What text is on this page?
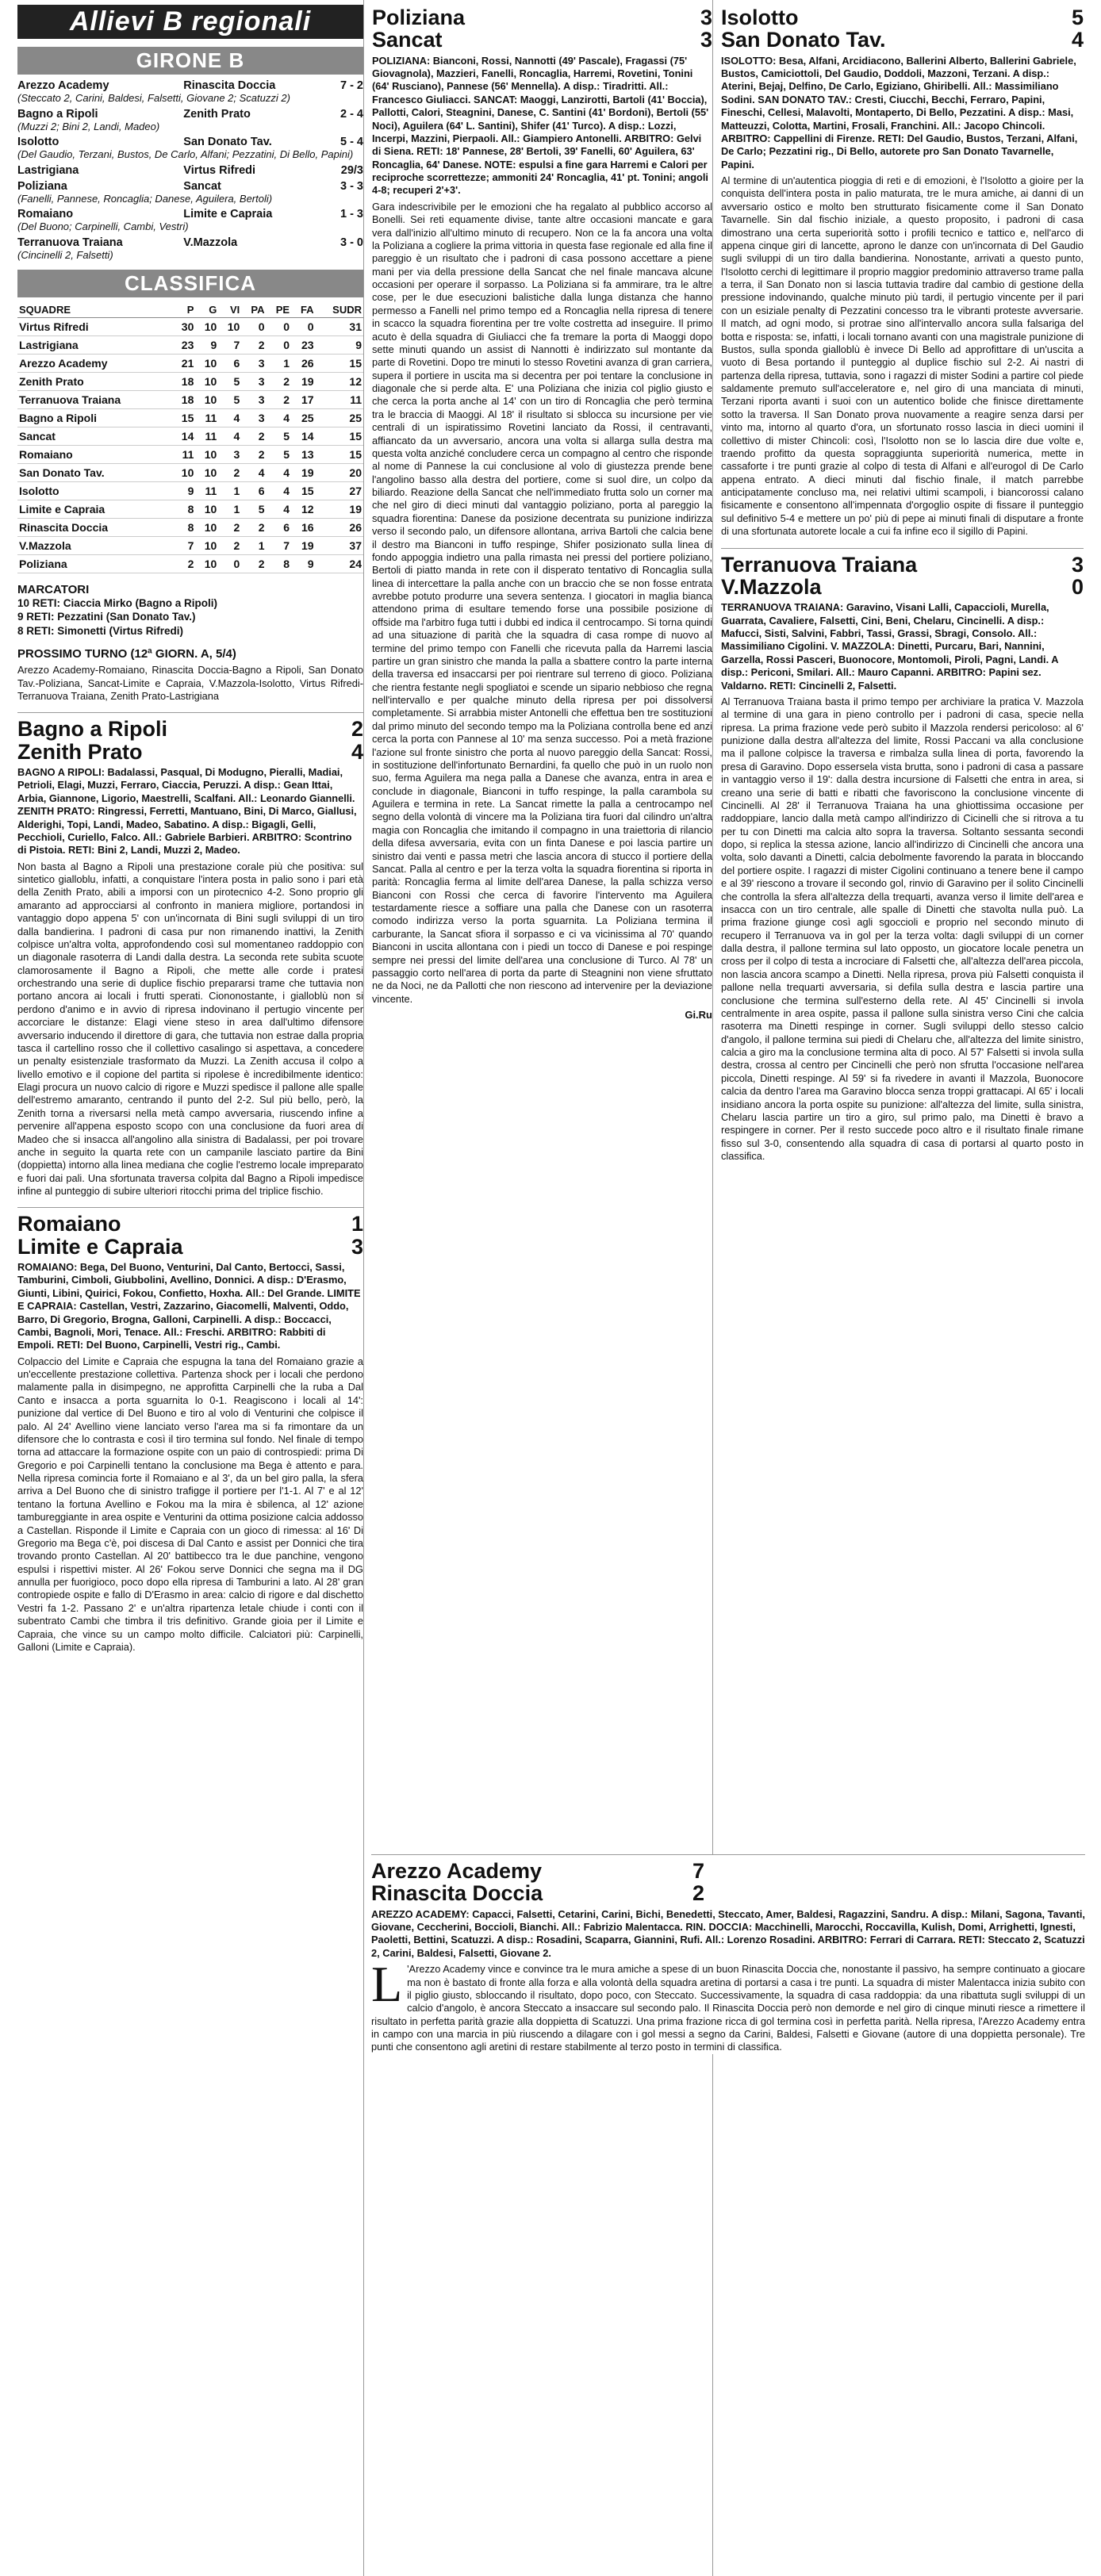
Allievi B regionali
GIRONE B
Arezzo Academy	Rinascita Doccia	7 - 2
(Steccato 2, Carini, Baldesi, Falsetti, Giovane 2; Scatuzzi 2)
Bagno a Ripoli	Zenith Prato	2 - 4
(Muzzi 2; Bini 2, Landi, Madeo)
Isolotto	San Donato Tav.	5 - 4
(Del Gaudio, Terzani, Bustos, De Carlo, Alfani; Pezzatini, Di Bello, Papini)
Lastrigiana	Virtus Rifredi	29/3
Poliziana	Sancat	3 - 3
(Fanelli, Pannese, Roncaglia; Danese, Aguilera, Bertoli)
Romaiano	Limite e Capraia	1 - 3
(Del Buono; Carpinelli, Cambi, Vestri)
Terranuova Traiana	V.Mazzola	3 - 0
(Cincinelli 2, Falsetti)
CLASSIFICA
SQUADRE	P	G	VI	PA	PE	FA	SUDR
Virtus Rifredi	30	10	10	0	0	0	31
Lastrigiana	23	9	7	2	0	23	9
Arezzo Academy	21	10	6	3	1	26	15
Zenith Prato	18	10	5	3	2	19	12
Terranuova Traiana	18	10	5	3	2	17	11
Bagno a Ripoli	15	11	4	3	4	25	25
Sancat	14	11	4	2	5	14	15
Romaiano	11	10	3	2	5	13	15
San Donato Tav.	10	10	2	4	4	19	20
Isolotto	9	11	1	6	4	15	27
Limite e Capraia	8	10	1	5	4	12	19
Rinascita Doccia	8	10	2	2	6	16	26
V.Mazzola	7	10	2	1	7	19	37
Poliziana	2	10	0	2	8	9	24
MARCATORI
10 RETI: Ciaccia Mirko (Bagno a Ripoli)
9 RETI: Pezzatini (San Donato Tav.)
8 RETI: Simonetti (Virtus Rifredi)
PROSSIMO TURNO (12ª GIORN. A, 5/4)
Arezzo Academy-Romaiano, Rinascita Doccia-Bagno a Ripoli, San Donato Tav.-Poliziana, Sancat-Limite e Capraia, V.Mazzola-Isolotto, Virtus Rifredi-Terranuova Traiana, Zenith Prato-Lastrigiana
Bagno a Ripoli	2
Zenith Prato	4
BAGNO A RIPOLI: Badalassi, Pasqual, Di Modugno, Pieralli, Madiai, Petrioli, Elagi, Muzzi, Ferraro, Ciaccia, Peruzzi. A disp.: Gean Ittai, Arbia, Giannone, Ligorio, Maestrelli, Scalfani. All.: Leonardo Giannelli. ZENITH PRATO: Ringressi, Ferretti, Mantuano, Bini, Di Marco, Giallusi, Alderighi, Topi, Landi, Madeo, Sabatino. A disp.: Bigagli, Gelli, Pecchioli, Curiello, Falco. All.: Gabriele Barbieri. ARBITRO: Scontrino di Pistoia. RETI: Bini 2, Landi, Muzzi 2, Madeo.
Non basta al Bagno a Ripoli una prestazione corale più che positiva: sul sintetico gialloblu, infatti, a conquistare l'intera posta in palio sono i pari età della Zenith Prato, abili a imporsi con un pirotecnico 4-2. Sono proprio gli amaranto ad approcciarsi al confronto in maniera migliore, portandosi in vantaggio dopo appena 5' con un'incornata di Bini sugli sviluppi di un tiro dalla bandierina. I padroni di casa pur non rimanendo inattivi, la Zenith colpisce un'altra volta, approfondendo così sul momentaneo raddoppio con un diagonale rasoterra di Landi dalla destra. La seconda rete subìta scuote clamorosamente il Bagno a Ripoli, che mette alle corde i pratesi orchestrando una serie di duplice fischio prepararsi trame che tuttavia non portano ancora ai locali i frutti sperati. Ciononostante, i gialloblù non si perdono d'animo e in avvio di ripresa indovinano il pertugio vincente per accorciare le distanze: Elagi viene steso in area dall'ultimo difensore avversario inducendo il direttore di gara, che tuttavia non estrae dalla propria tasca il cartellino rosso che il collettivo casalingo si aspettava, a concedere un penalty esistenziale trasformato da Muzzi. La Zenith accusa il colpo a livello emotivo e il copione del partita si ripolese è incredibilmente identico: Elagi procura un nuovo calcio di rigore e Muzzi spedisce il pallone alle spalle dell'estremo amaranto, centrando il punto del 2-2. Sul più bello, però, la Zenith torna a riversarsi nella metà campo avversaria, riuscendo infine a pervenire all'appena esposto scopo con una conclusione da fuori area di Madeo che si insacca all'angolino alla sinistra di Badalassi, per poi trovare anche in seguito la quarta rete con un campanile lasciato partire da Bini (doppietta) intorno alla linea mediana che coglie l'estremo locale impreparato e fuori dai pali. Una sfortunata traversa colpita dal Bagno a Ripoli impedisce infine al punteggio di subire ulteriori ritocchi prima del triplice fischio.
Romaiano	1
Limite e Capraia	3
ROMAIANO: Bega, Del Buono, Venturini, Dal Canto, Bertocci, Sassi, Tamburini, Cimboli, Giubbolini, Avellino, Donnici. A disp.: D'Erasmo, Giunti, Libini, Quirici, Fokou, Confietto, Hoxha. All.: Del Grande. LIMITE E CAPRAIA: Castellan, Vestri, Zazzarino, Giacomelli, Malventi, Oddo, Barro, Di Gregorio, Brogna, Galloni, Carpinelli. A disp.: Boccacci, Cambi, Bagnoli, Mori, Tenace. All.: Freschi. ARBITRO: Rabbiti di Empoli. RETI: Del Buono, Carpinelli, Vestri rig., Cambi.
Colpaccio del Limite e Capraia che espugna la tana del Romaiano grazie a un'eccellente prestazione collettiva. Partenza shock per i locali che perdono malamente palla in disimpegno, ne approfitta Carpinelli che la ruba a Dal Canto e insacca a porta sguarnita lo 0-1. Reagiscono i locali al 14': punizione dal vertice di Del Buono e tiro al volo di Venturini che colpisce il palo. Al 24' Avellino viene lanciato verso l'area ma si fa rimontare da un difensore che lo contrasta e così il tiro termina sul fondo. Nel finale di tempo torna ad attaccare la formazione ospite con un paio di controspiedi: prima Di Gregorio e poi Carpinelli tentano la conclusione ma Bega è attento e para. Nella ripresa comincia forte il Romaiano e al 3', da un bel giro palla, la sfera arriva a Del Buono che di sinistro trafigge il portiere per l'1-1. Al 7' e al 12' tentano la fortuna Avellino e Fokou ma la mira è sbilenca, al 12' azione tambureggiante in area ospite e Venturini da ottima posizione calcia addosso a Castellan. Risponde il Limite e Capraia con un gioco di rimessa: al 16' Di Gregorio ma Bega c'è, poi discesa di Dal Canto e assist per Donnici che tira trovando pronto Castellan. Al 20' battibecco tra le due panchine, vengono espulsi i rispettivi mister. Al 26' Fokou serve Donnici che segna ma il DG annulla per fuorigioco, poco dopo ella ripresa di Tamburini a lato. Al 28' gran contropiede ospite e fallo di D'Erasmo in area: calcio di rigore e dal dischetto Vestri fa 1-2. Passano 2' e un'altra ripartenza letale chiude i conti con il subentrato Cambi che timbra il tris definitivo. Grande gioia per il Limite e Capraia, che vince su un campo molto difficile. Calciatori più: Carpinelli, Galloni (Limite e Capraia).
Poliziana	3
Sancat	3
POLIZIANA: Bianconi, Rossi, Nannotti (49' Pascale), Fragassi (75' Giovagnola), Mazzieri, Fanelli, Roncaglia, Harremi, Rovetini, Tonini (64' Rusciano), Pannese (56' Mennella). A disp.: Tiradritti. All.: Francesco Giuliacci. SANCAT: Maoggi, Lanzirotti, Bartoli (41' Boccia), Pallotti, Calori, Steagnini, Danese, C. Santini (41' Bordoni), Bertoli (55' Noci), Aguilera (64' L. Santini), Shifer (41' Turco). A disp.: Lozzi, Incerpi, Mazzini, Pierpaoli. All.: Giampiero Antonelli. ARBITRO: Gelvi di Siena. RETI: 18' Pannese, 28' Bertoli, 39' Fanelli, 60' Aguilera, 63' Roncaglia, 64' Danese. NOTE: espulsi a fine gara Harremi e Calori per reciproche scorrettezze; ammoniti 24' Roncaglia, 41' pt. Tonini; angoli 4-8; recuperi 2'+3'.
Gara indescrivibile per le emozioni che ha regalato al pubblico accorso al Bonelli. Sei reti equamente divise, tante altre occasioni mancate e gara vera dall'inizio all'ultimo minuto di recupero. Non ce la fa ancora una volta la Poliziana a cogliere la prima vittoria in questa fase regionale ed alla fine il pareggio è un risultato che i padroni di casa possono accettare a piene mani per via della pressione della Sancat che nel finale mancava alcune occasioni per operare il sorpasso. La Poliziana si fa ammirare, tra le altre cose, per le due esecuzioni balistiche dalla lunga distanza che hanno permesso a Fanelli nel primo tempo ed a Roncaglia nella ripresa di tenere in scacco la squadra fiorentina per tre volte costretta ad inseguire. Il primo acuto è della squadra di Giuliacci che fa tremare la porta di Maoggi dopo sette minuti quando un assist di Nannotti è indirizzato sul montante da parte di Rovetini. Dopo tre minuti lo stesso Rovetini avanza di gran carriera, supera il portiere in uscita ma si decentra per poi tentare la conclusione in diagonale che si perde alta. E' una Poliziana che inizia col piglio giusto e che cerca la porta anche al 14' con un tiro di Roncaglia che però termina tra le braccia di Maoggi. Al 18' il risultato si sblocca su incursione per vie centrali di un ispiratissimo Rovetini lanciato da Rossi, il centravanti, affiancato da un avversario, ancora una volta si allarga sulla destra ma questa volta anziché concludere cerca un compagno al centro che risponde al nome di Pannese la cui conclusione al volo di giustezza prende bene l'angolino basso alla destra del portiere, come si suol dire, un colpo da biliardo. Reazione della Sancat che nell'immediato frutta solo un corner ma che nel giro di dieci minuti dal vantaggio poliziano, porta al pareggio la squadra fiorentina: Danese da posizione decentrata su punizione indirizza verso il secondo palo, un difensore allontana, arriva Bartoli che calcia bene il destro ma Bianconi in tuffo respinge, Shifer posizionato sulla linea di fondo appoggia indietro una palla rimasta nei pressi del portiere poliziano, Bertoli di piatto manda in rete con il disperato tentativo di Roncaglia sulla linea di intercettare la palla anche con un braccio che se non fosse entrata avrebbe potuto produrre una severa sentenza. I giocatori in maglia bianca attendono prima di esultare temendo forse una possibile posizione di offside ma l'arbitro fuga tutti i dubbi ed indica il centrocampo. Si torna quindi ad una situazione di parità che la squadra di casa rompe di nuovo al termine del primo tempo con Fanelli che ricevuta palla da Harremi lascia partire un gran sinistro che manda la palla a sbattere contro la parte interna della traversa ed insaccarsi per poi rientrare sul terreno di gioco. Poliziana che rientra festante negli spogliatoi e scende un sipario nebbioso che regna nell'intervallo e per qualche minuto della ripresa per poi dissolversi completamente. Si arrabbia mister Antonelli che effettua ben tre sostituzioni dal primo minuto del secondo tempo ma la Poliziana controlla bene ed anzi cerca la porta con Pannese al 10' ma senza successo. Poi a metà frazione l'azione sul fronte sinistro che porta al nuovo pareggio della Sancat: Rossi, in sostituzione dell'infortunato Bernardini, fa quello che può in un ruolo non suo, ferma Aguilera ma nega palla a Danese che avanza, entra in area e conclude in diagonale, Bianconi in tuffo respinge, la palla carambola su Aguilera e termina in rete. La Sancat rimette la palla a centrocampo nel segno della volontà di vincere ma la Poliziana tira fuori dal cilindro un'altra magia con Roncaglia che imitando il compagno in una traiettoria di rilancio della difesa avversaria, evita con un finta Danese e poi lascia partire un sinistro dai venti e passa metri che lascia ancora di stucco il portiere della Sancat. Palla al centro e per la terza volta la squadra fiorentina si riporta in parità: Roncaglia ferma al limite dell'area Danese, la palla schizza verso Bianconi con Rossi che cerca di favorire l'intervento ma Aguilera testardamente riesce a soffiare una palla che Danese con un rasoterra comodo indirizza verso la porta sguarnita. La Poliziana termina il carburante, la Sancat sfiora il sorpasso e ci va vicinissima al 70' quando Bianconi in uscita allontana con i piedi un tocco di Danese e poi respinge sempre nei pressi del limite dell'area una conclusione di Turco. Al 78' un passaggio corto nell'area di porta da parte di Steagnini non viene sfruttato ne da Noci, ne da Pallotti che non riescono ad intervenire per la deviazione vincente.
Gi.Ru
Isolotto	5
San Donato Tav.	4
ISOLOTTO: Besa, Alfani, Arcidiacono, Ballerini Alberto, Ballerini Gabriele, Bustos, Camiciottoli, Del Gaudio, Doddoli, Mazzoni, Terzani. A disp.: Aterini, Bejaj, Delfino, De Carlo, Egiziano, Ghiribelli. All.: Massimiliano Sodini. SAN DONATO TAV.: Cresti, Ciucchi, Becchi, Ferraro, Papini, Fineschi, Cellesi, Malavolti, Montaperto, Di Bello, Pezzatini. A disp.: Masi, Matteuzzi, Colotta, Martini, Frosali, Franchini. All.: Jacopo Chincoli. ARBITRO: Cappellini di Firenze. RETI: Del Gaudio, Bustos, Terzani, Alfani, De Carlo; Pezzatini rig., Di Bello, autorete pro San Donato Tavarnelle, Papini.
Al termine di un'autentica pioggia di reti e di emozioni, è l'Isolotto a gioire per la conquista dell'intera posta in palio maturata, tre le mura amiche, ai danni di un avversario ostico e molto ben strutturato fisicamente come il San Donato Tavarnelle. Sin dal fischio iniziale, a questo proposito, i padroni di casa dimostrano una certa superiorità sotto i profili tecnico e tattico e, nell'arco di appena cinque giri di lancette, aprono le danze con un'incornata di Del Gaudio sugli sviluppi di un tiro dalla bandierina. Nonostante, arrivati a questo punto, l'Isolotto cerchi di legittimare il proprio maggior predominio attraverso trame palla a terra, il San Donato non si lascia tuttavia tradire dal cambio di gestione della pressione indovinando, qualche minuto più tardi, il pertugio vincente per il pari con un esiziale penalty di Pezzatini concesso tra le vibranti proteste avversarie. Il match, ad ogni modo, si protrae sino all'intervallo ancora sulla falsariga del botta e risposta: se, infatti, i locali tornano avanti con una magistrale punizione di Bustos, sulla sponda gialloblù è invece Di Bello ad approfittare di un'uscita a vuoto di Besa portando il punteggio al duplice fischio sul 2-2. Ai nastri di partenza della ripresa, tuttavia, sono i ragazzi di mister Sodini a partire col piede saldamente premuto sull'acceleratore e, nel giro di una manciata di minuti, Terzani riporta avanti i suoi con un autentico bolide che finisce direttamente sotto la traversa. Il San Donato prova nuovamente a reagire senza darsi per vinto ma, intorno al quarto d'ora, un sfortunato rosso lascia in dieci uomini il collettivo di mister Chincoli: così, l'Isolotto non se lo lascia dire due volte e, traendo profitto da questa sopraggiunta superiorità numerica, mette in cassaforte i tre punti grazie al colpo di testa di Alfani e all'eurogol di De Carlo appena entrato. A dieci minuti dal fischio finale, il match parrebbe anticipatamente concluso ma, nei relativi ultimi scampoli, i biancorossi calano fisicamente e consentono all'impennata d'orgoglio ospite di fissare il punteggio sul definitivo 5-4 e mettere un po' più di pepe ai minuti finali di disputare a fronte di una sfortunata autorete locale a cui fa infine eco il sigillo di Papini.
Terranuova Traiana	3
V.Mazzola	0
TERRANUOVA TRAIANA: Garavino, Visani Lalli, Capaccioli, Murella, Guarrata, Cavaliere, Falsetti, Cini, Beni, Chelaru, Cincinelli. A disp.: Mafucci, Sisti, Salvini, Fabbri, Tassi, Grassi, Sbragi, Consolo. All.: Massimiliano Cigolini. V. MAZZOLA: Dinetti, Purcaru, Bari, Nannini, Garzella, Rossi Pasceri, Buonocore, Montomoli, Piroli, Pagni, Landi. A disp.: Periconi, Smilari. All.: Mauro Capanni. ARBITRO: Papini sez. Valdarno. RETI: Cincinelli 2, Falsetti.
Al Terranuova Traiana basta il primo tempo per archiviare la pratica V. Mazzola al termine di una gara in pieno controllo per i padroni di casa, specie nella ripresa. La prima frazione vede però subito il Mazzola rendersi pericoloso: al 6' punizione dalla destra all'altezza del limite, Rossi Paccani va alla conclusione ma il pallone colpisce la traversa e rimbalza sulla linea di porta, favorendo la presa di Garavino. Dopo essersela vista brutta, sono i padroni di casa a passare in vantaggio verso il 19': dalla destra incursione di Falsetti che entra in area, si creano una serie di batti e ribatti che favoriscono la conclusione vincente di Cincinelli. Al 28' il Terranuova Traiana ha una ghiottissima occasione per raddoppiare, lancio dalla metà campo all'indirizzo di Cicinelli che si ritrova a tu per tu con Dinetti ma calcia alto sopra la traversa. Soltanto sessanta secondi dopo, si replica la stessa azione, lancio all'indirizzo di Cincinelli che ancora una volta, solo davanti a Dinetti, calcia debolmente favorendo la parata in bloccando del portiere ospite. I ragazzi di mister Cigolini continuano a tenere bene il campo e al 39' riescono a trovare il secondo gol, rinvio di Garavino per il solito Cincinelli che controlla la sfera all'altezza della trequarti, avanza verso il limite dell'area e insacca con un tiro centrale, alle spalle di Dinetti che stavolta nulla può. La prima frazione giunge così agli sgoccioli e proprio nel secondo minuto di recupero il Terranuova va in gol per la terza volta: dagli sviluppi di un corner dalla destra, il pallone termina sul lato opposto, un giocatore locale penetra un cross per il colpo di testa a incrociare di Falsetti che, all'altezza dell'area piccola, non lascia ancora scampo a Dinetti. Nella ripresa, prova più Falsetti conquista il pallone nella trequarti avversaria, si defila sulla destra e lascia partire una conclusione che termina sull'esterno della rete. Al 45' Cincinelli si invola centralmente in area ospite, passa il pallone sulla sinistra verso Cini che calcia rasoterra ma Dinetti respinge in corner. Sugli sviluppi dello stesso calcio d'angolo, il pallone termina sui piedi di Chelaru che, all'altezza del limite sinistro, calcia a giro ma la conclusione termina alta di poco. Al 57' Falsetti si invola sulla destra, crossa al centro per Cincinelli che però non sfrutta l'occasione nell'area piccola, Dinetti respinge. Al 59' si fa rivedere in avanti il Mazzola, Buonocore calcia da dentro l'area ma Garavino blocca senza troppi grattacapi. Al 65' i locali insidiano ancora la porta ospite su punizione: all'altezza del limite, sulla sinistra, Chelaru lascia partire un tiro a giro, sul primo palo, ma Dinetti è bravo a respingere in corner. Per il resto succede poco altro e il risultato finale rimane fisso sul 3-0, consentendo alla squadra di casa di portarsi al quarto posto in classifica.
Arezzo Academy	7
Rinascita Doccia	2
AREZZO ACADEMY: Capacci, Falsetti, Cetarini, Carini, Bichi, Benedetti, Steccato, Amer, Baldesi, Ragazzini, Sandru. A disp.: Milani, Sagona, Tavanti, Giovane, Ceccherini, Boccioli, Bianchi. All.: Fabrizio Malentacca. RIN. DOCCIA: Macchinelli, Marocchi, Roccavilla, Kulish, Domi, Arrighetti, Ignesti, Paoletti, Bettini, Scatuzzi. A disp.: Rosadini, Scaparra, Giannini, Rufi. All.: Lorenzo Rosadini. ARBITRO: Ferrari di Carrara. RETI: Steccato 2, Scatuzzi 2, Carini, Baldesi, Falsetti, Giovane 2.
L 'Arezzo Academy vince e convince tra le mura amiche a spese di un buon Rinascita Doccia che, nonostante il passivo, ha sempre continuato a giocare ma non è bastato di fronte alla forza e alla volontà della squadra aretina di portarsi a casa i tre punti. La squadra di mister Malentacca inizia subito con il piglio giusto, sbloccando il risultato, dopo poco, con Steccato. Successivamente, la squadra di casa raddoppia: da una ribattuta sugli sviluppi di un calcio d'angolo, è ancora Steccato a insaccare sul secondo palo. Il Rinascita Doccia però non demorde e nel giro di cinque minuti riesce a rimettere il risultato in perfetta parità grazie alla doppietta di Scatuzzi. Una prima frazione ricca di gol termina così in perfetta parità. Nella ripresa, l'Arezzo Academy entra in campo con una marcia in più riuscendo a dilagare con i gol messi a segno da Carini, Baldesi, Falsetti e Giovane (autore di una doppietta personale). Tre punti che consentono agli aretini di restare stabilmente al terzo posto in termini di classifica.
